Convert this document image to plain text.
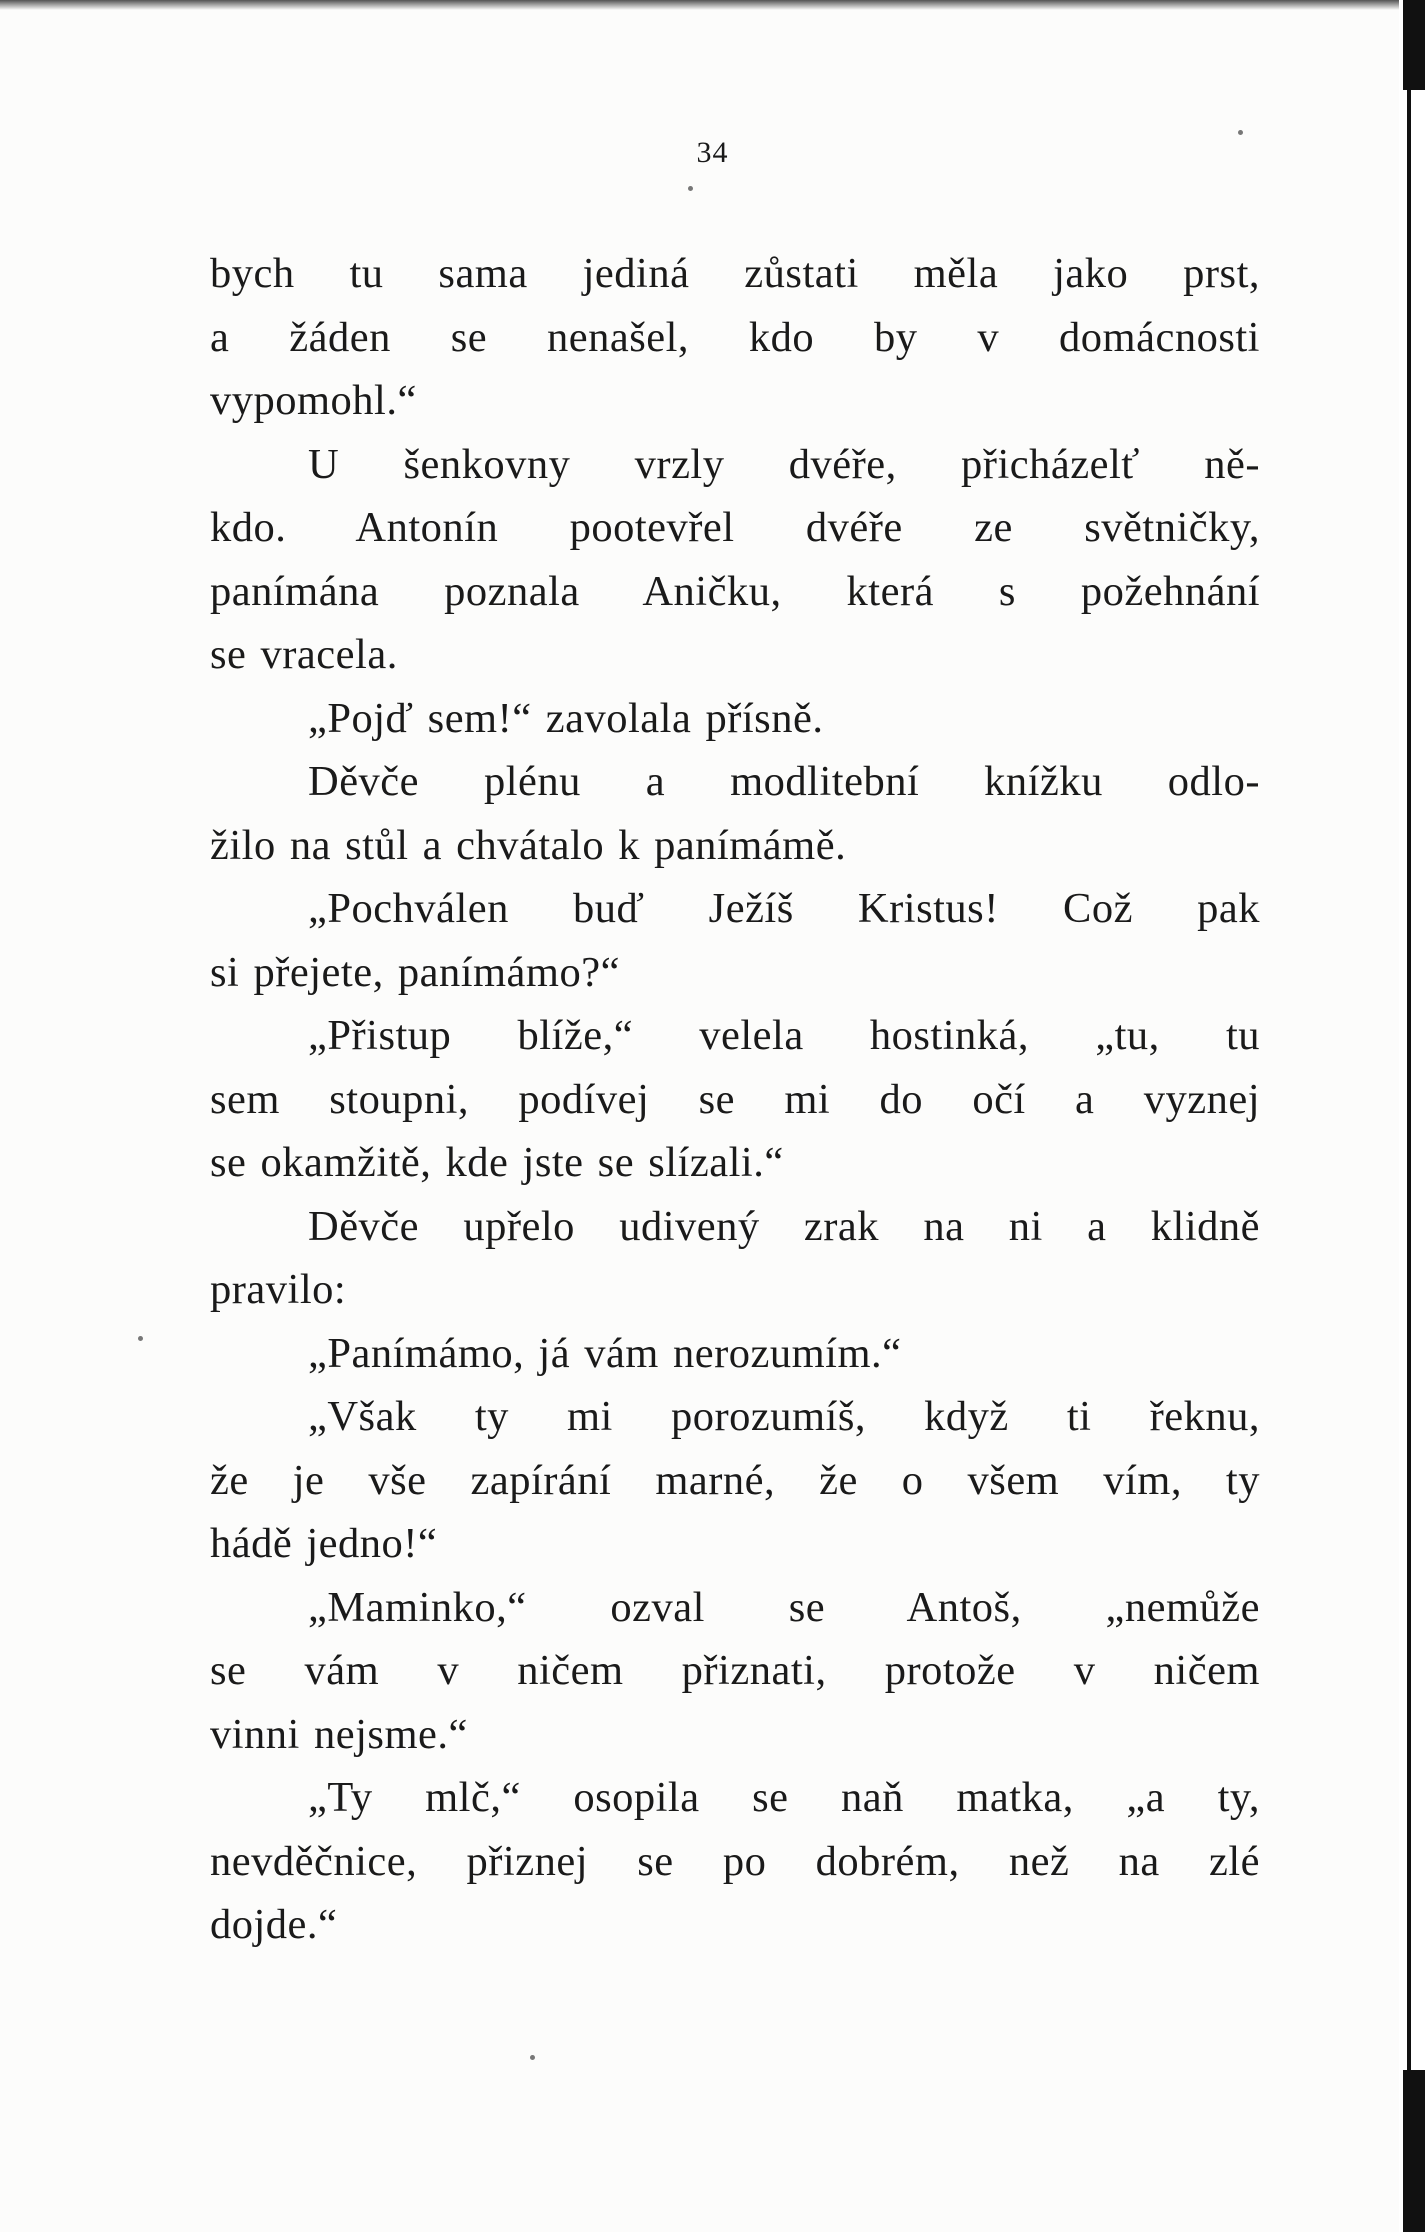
34
bych tu sama jediná zůstati měla jako prst,
a žáden se nenašel, kdo by v domácnosti
vypomohl.“
U šenkovny vrzly dvéře, přicházelť ně-
kdo. Antonín pootevřel dvéře ze světničky,
panímána poznala Aničku, která s požehnání
se vracela.
„Pojď sem!“ zavolala přísně.
Děvče plénu a modlitební knížku odlo-
žilo na stůl a chvátalo k panímámě.
„Pochválen buď Ježíš Kristus! Což pak
si přejete, panímámo?“
„Přistup blíže,“ velela hostinká, „tu, tu
sem stoupni, podívej se mi do očí a vyznej
se okamžitě, kde jste se slízali.“
Děvče upřelo udivený zrak na ni a klidně
pravilo:
„Panímámo, já vám nerozumím.“
„Však ty mi porozumíš, když ti řeknu,
že je vše zapírání marné, že o všem vím, ty
hádě jedno!“
„Maminko,“ ozval se Antoš, „nemůže
se vám v ničem přiznati, protože v ničem
vinni nejsme.“
„Ty mlč,“ osopila se naň matka, „a ty,
nevděčnice, přiznej se po dobrém, než na zlé
dojde.“
